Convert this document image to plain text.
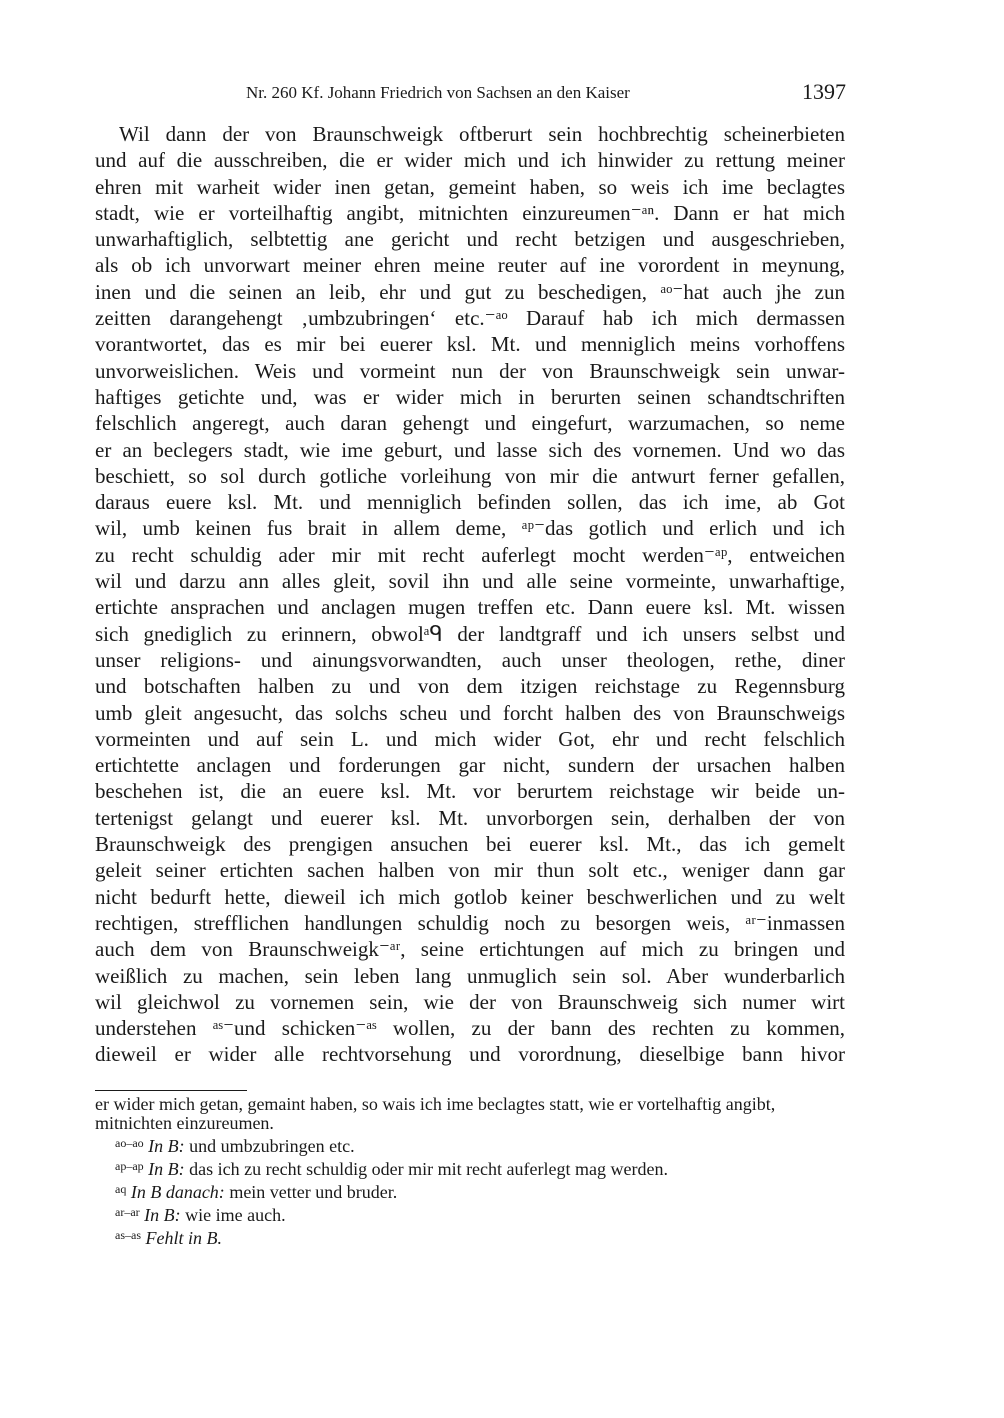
Nr. 260 Kf. Johann Friedrich von Sachsen an den Kaiser	1397
Wil dann der von Braunschweigk oftberurt sein hochbrechtig scheinerbieten
und auf die ausschreiben, die er wider mich und ich hinwider zu rettung meiner
ehren mit warheit wider inen getan, gemeint haben, so weis ich ime beclagtes
stadt, wie er vorteilhaftig angibt, mitnichten einzureumen⁻ᵃⁿ. Dann er hat mich
unwarhaftiglich, selbtettig ane gericht und recht betzigen und ausgeschrieben,
als ob ich unvorwart meiner ehren meine reuter auf ine vorordent in meynung,
inen und die seinen an leib, ehr und gut zu beschedigen, ᵃᵒ⁻hat auch jhe zun
zeitten darangehengt ‚umbzubringen‘ etc.⁻ᵃᵒ Darauf hab ich mich dermassen
vorantwortet, das es mir bei euerer ksl. Mt. und menniglich meins vorhoffens
unvorweislichen. Weis und vormeint nun der von Braunschweigk sein unwar-
haftiges getichte und, was er wider mich in berurten seinen schandtschriften
felschlich angeregt, auch daran gehengt und eingefurt, warzumachen, so neme
er an beclegers stadt, wie ime geburt, und lasse sich des vornemen. Und wo das
beschiett, so sol durch gotliche vorleihung von mir die antwurt ferner gefallen,
daraus euere ksl. Mt. und menniglich befinden sollen, das ich ime, ab Got
wil, umb keinen fus brait in allem deme, ᵃᵖ⁻das gotlich und erlich und ich
zu recht schuldig ader mir mit recht auferlegt mocht werden⁻ᵃᵖ, entweichen
wil und darzu ann alles gleit, sovil ihn und alle seine vormeinte, unwarhaftige,
ertichte ansprachen und anclagen mugen treffen etc. Dann euere ksl. Mt. wissen
sich gnediglich zu erinnern, obwolᵃᑫ der landtgraff und ich unsers selbst und
unser religions- und ainungsvorwandten, auch unser theologen, rethe, diner
und botschaften halben zu und von dem itzigen reichstage zu Regennsburg
umb gleit angesucht, das solchs scheu und forcht halben des von Braunschweigs
vormeinten und auf sein L. und mich wider Got, ehr und recht felschlich
ertichtette anclagen und forderungen gar nicht, sundern der ursachen halben
beschehen ist, die an euere ksl. Mt. vor berurtem reichstage wir beide un-
tertenigst gelangt und euerer ksl. Mt. unvorborgen sein, derhalben der von
Braunschweigk des prengigen ansuchen bei euerer ksl. Mt., das ich gemelt
geleit seiner ertichten sachen halben von mir thun solt etc., weniger dann gar
nicht bedurft hette, dieweil ich mich gotlob keiner beschwerlichen und zu welt
rechtigen, strefflichen handlungen schuldig noch zu besorgen weis, ᵃʳ⁻inmassen
auch dem von Braunschweigk⁻ᵃʳ, seine ertichtungen auf mich zu bringen und
weißlich zu machen, sein leben lang unmuglich sein sol. Aber wunderbarlich
wil gleichwol zu vornemen sein, wie der von Braunschweig sich numer wirt
understehen ᵃˢ⁻und schicken⁻ᵃˢ wollen, zu der bann des rechten zu kommen,
dieweil er wider alle rechtvorsehung und vorordnung, dieselbige bann hivor
er wider mich getan, gemaint haben, so wais ich ime beclagtes statt, wie er vortelhaftig angibt, mitnichten einzureumen.
$^{ao-ao}$ In B: und umbzubringen etc.
$^{ap-ap}$ In B: das ich zu recht schuldig oder mir mit recht auferlegt mag werden.
$^{aq}$ In B danach: mein vetter und bruder.
$^{ar-ar}$ In B: wie ime auch.
$^{as-as}$ Fehlt in B.
